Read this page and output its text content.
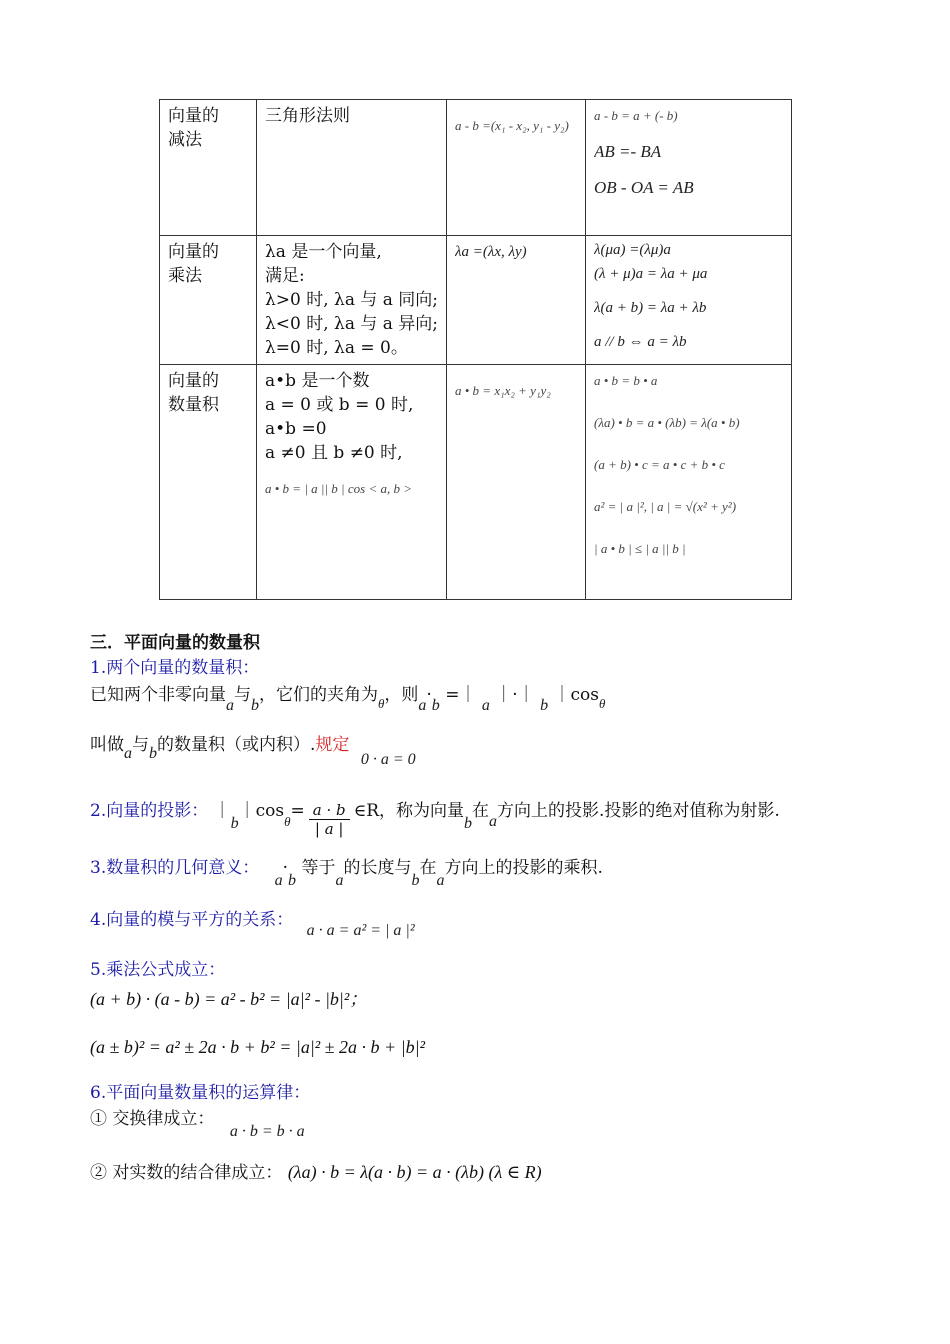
向量的
减法	三角形法则	a - b =(x₁ - x₂, y₁ - y₂)	a - b = a + (- b)
AB =- BA
OB - OA = AB

向量的
乘法	λa 是一个向量,
满足:
λ>0 时, λa 与 a 同向;
λ<0 时, λa 与 a 异向;
λ=0 时, λa = 0。	λa =(λx, λy)	λ(μa) =(λμ)a
(λ + μ)a = λa + μa
λ(a + b) = λa + λb
a // b ⇔ a = λb

向量的
数量积	a•b 是一个数
a = 0 或 b = 0 时,
a•b =0
a ≠0 且 b ≠0 时,
a • b = | a || b | cos < a, b >	a • b = x₁x₂ + y₁y₂	a • b = b • a
(λa) • b = a • (λb) = λ(a • b)
(a + b) • c = a • c + b • c
a² = | a |², | a | = √(x² + y²)
| a • b | ≤ | a || b |
三．平面向量的数量积
1.两个向量的数量积：
已知两个非零向量a与b，它们的夹角为$_\theta$，则a·b =｜ a ｜·｜ b $|\cos_\theta$
叫做a与b的数量积（或内积）.规定 0 · a = 0
2.向量的投影： $|b|\cos_\theta= \frac{a \cdot b}{| a |}$ ∈R，称为向量b在a方向上的投影.投影的绝对值称为射影.
3.数量积的几何意义： a·b 等于a的长度与b在a方向上的投影的乘积.
4.向量的模与平方的关系： a · a = a² = | a |²
5.乘法公式成立：
(a + b) · (a - b) = a² - b² = |a|² - |b|²；
(a ± b)² = a² ± 2a · b + b² = |a|² ± 2a · b + |b|²
6.平面向量数量积的运算律：
① 交换律成立： a · b = b · a
② 对实数的结合律成立： (λa) · b = λ(a · b) = a · (λb) (λ ∈ R)
